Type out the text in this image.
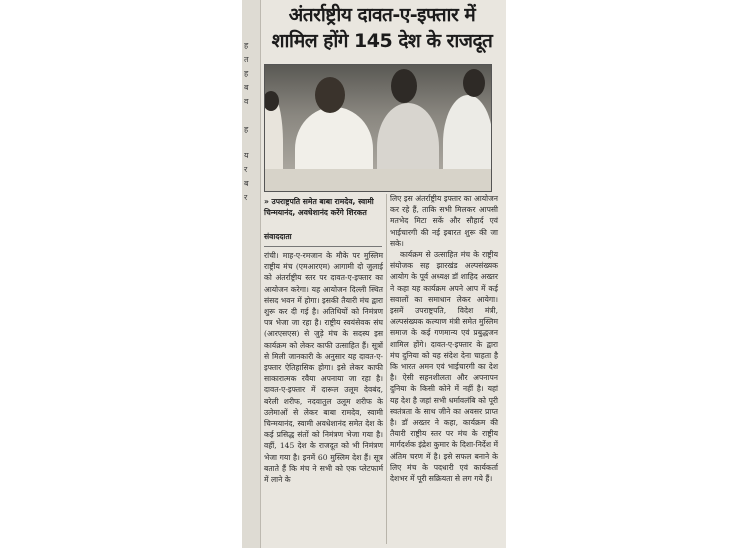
ह
त
ह
ब
व
ह
य
र
ब
र
अंतर्राष्ट्रीय दावत-ए-इफ्तार में
शामिल होंगे 145 देश के राजदूत
» उपराष्ट्रपति समेत बाबा रामदेव, स्वामी चिन्मयानंद, अवधेशानंद करेंगे शिरकत
संवाददाता

रांची। माह-ए-रमजान के मौके पर मुस्लिम राष्ट्रीय मंच (एमआरएम) आगामी दो जुलाई को अंतर्राष्ट्रीय स्तर पर दावत-ए-इफ्तार का आयोजन करेगा। यह आयोजन दिल्ली स्थित संसद भवन में होगा। इसकी तैयारी मंच द्वारा शुरू कर दी गई है। अतिथियों को निमंत्रण पत्र भेजा जा रहा है। राष्ट्रीय स्वयंसेवक संघ (आरएसएस) से जुड़े मंच के सदस्य इस कार्यक्रम को लेकर काफी उत्साहित हैं। सूत्रों से मिली जानकारी के अनुसार यह दावत-ए-इफ्तार ऐतिहासिक होगा। इसे लेकर काफी साकारात्मक रवैया अपनाया जा रहा है। दावत-ए-इफ्तार में दारूल उलूम देवबंद, बरेली शरीफ, नदवातुल उलूम शरीफ के उलेमाओं से लेकर बाबा रामदेव, स्वामी चिन्मयानंद, स्वामी अवधेशानंद समेत देश के कई प्रसिद्ध संतों को निमंत्रण भेजा गया है। वहीं, 145 देश के राजदूत को भी निमंत्रण भेजा गया है। इनमें 60 मुस्लिम देश हैं। सूत्र बताते हैं कि मंच ने सभी को एक प्लेटफार्म में लाने के

लिए इस अंतर्राष्ट्रीय इफ्तार का आयोजन कर रहे हैं, ताकि सभी मिलकर आपसी मतभेद मिटा सकें और सौहार्द एवं भाईचारगी की नई इबारत शुरू की जा सके।

कार्यक्रम से उत्साहित मंच के राष्ट्रीय संयोजक सह झारखंड अल्पसंख्यक आयोग के पूर्व अध्यक्ष डॉ शाहिद अख्तर ने कहा यह कार्यक्रम अपने आप में कई सवालों का समाधान लेकर आयेगा। इसमें उपराष्ट्रपति, विदेश मंत्री, अल्पसंख्यक कल्याण मंत्री समेत मुस्लिम समाज के कई गणमान्य एवं प्रबुद्धजन शामिल होंगे। दावत-ए-इफ्तार के द्वारा मंच दुनिया को यह संदेश देना चाहता है कि भारत अमन एवं भाईचारगी का देश है। ऐसी सहनशीलता और अपनापन दुनिया के किसी कोने में नहीं है। यहां यह देश है जहां सभी धर्मावलंबि को पूरी स्वतंत्रता के साथ जीने का अवसर प्राप्त है। डॉ अख्तर ने कहा, कार्यक्रम की तैयारी राष्ट्रीय स्तर पर मंच के राष्ट्रीय मार्गदर्शक इंद्रेश कुमार के दिशा-निर्देश में अंतिम चरण में है। इसे सफल बनाने के लिए मंच के पदधारी एवं कार्यकर्ता देशभर में पूरी सक्रियता से लग गये हैं।
